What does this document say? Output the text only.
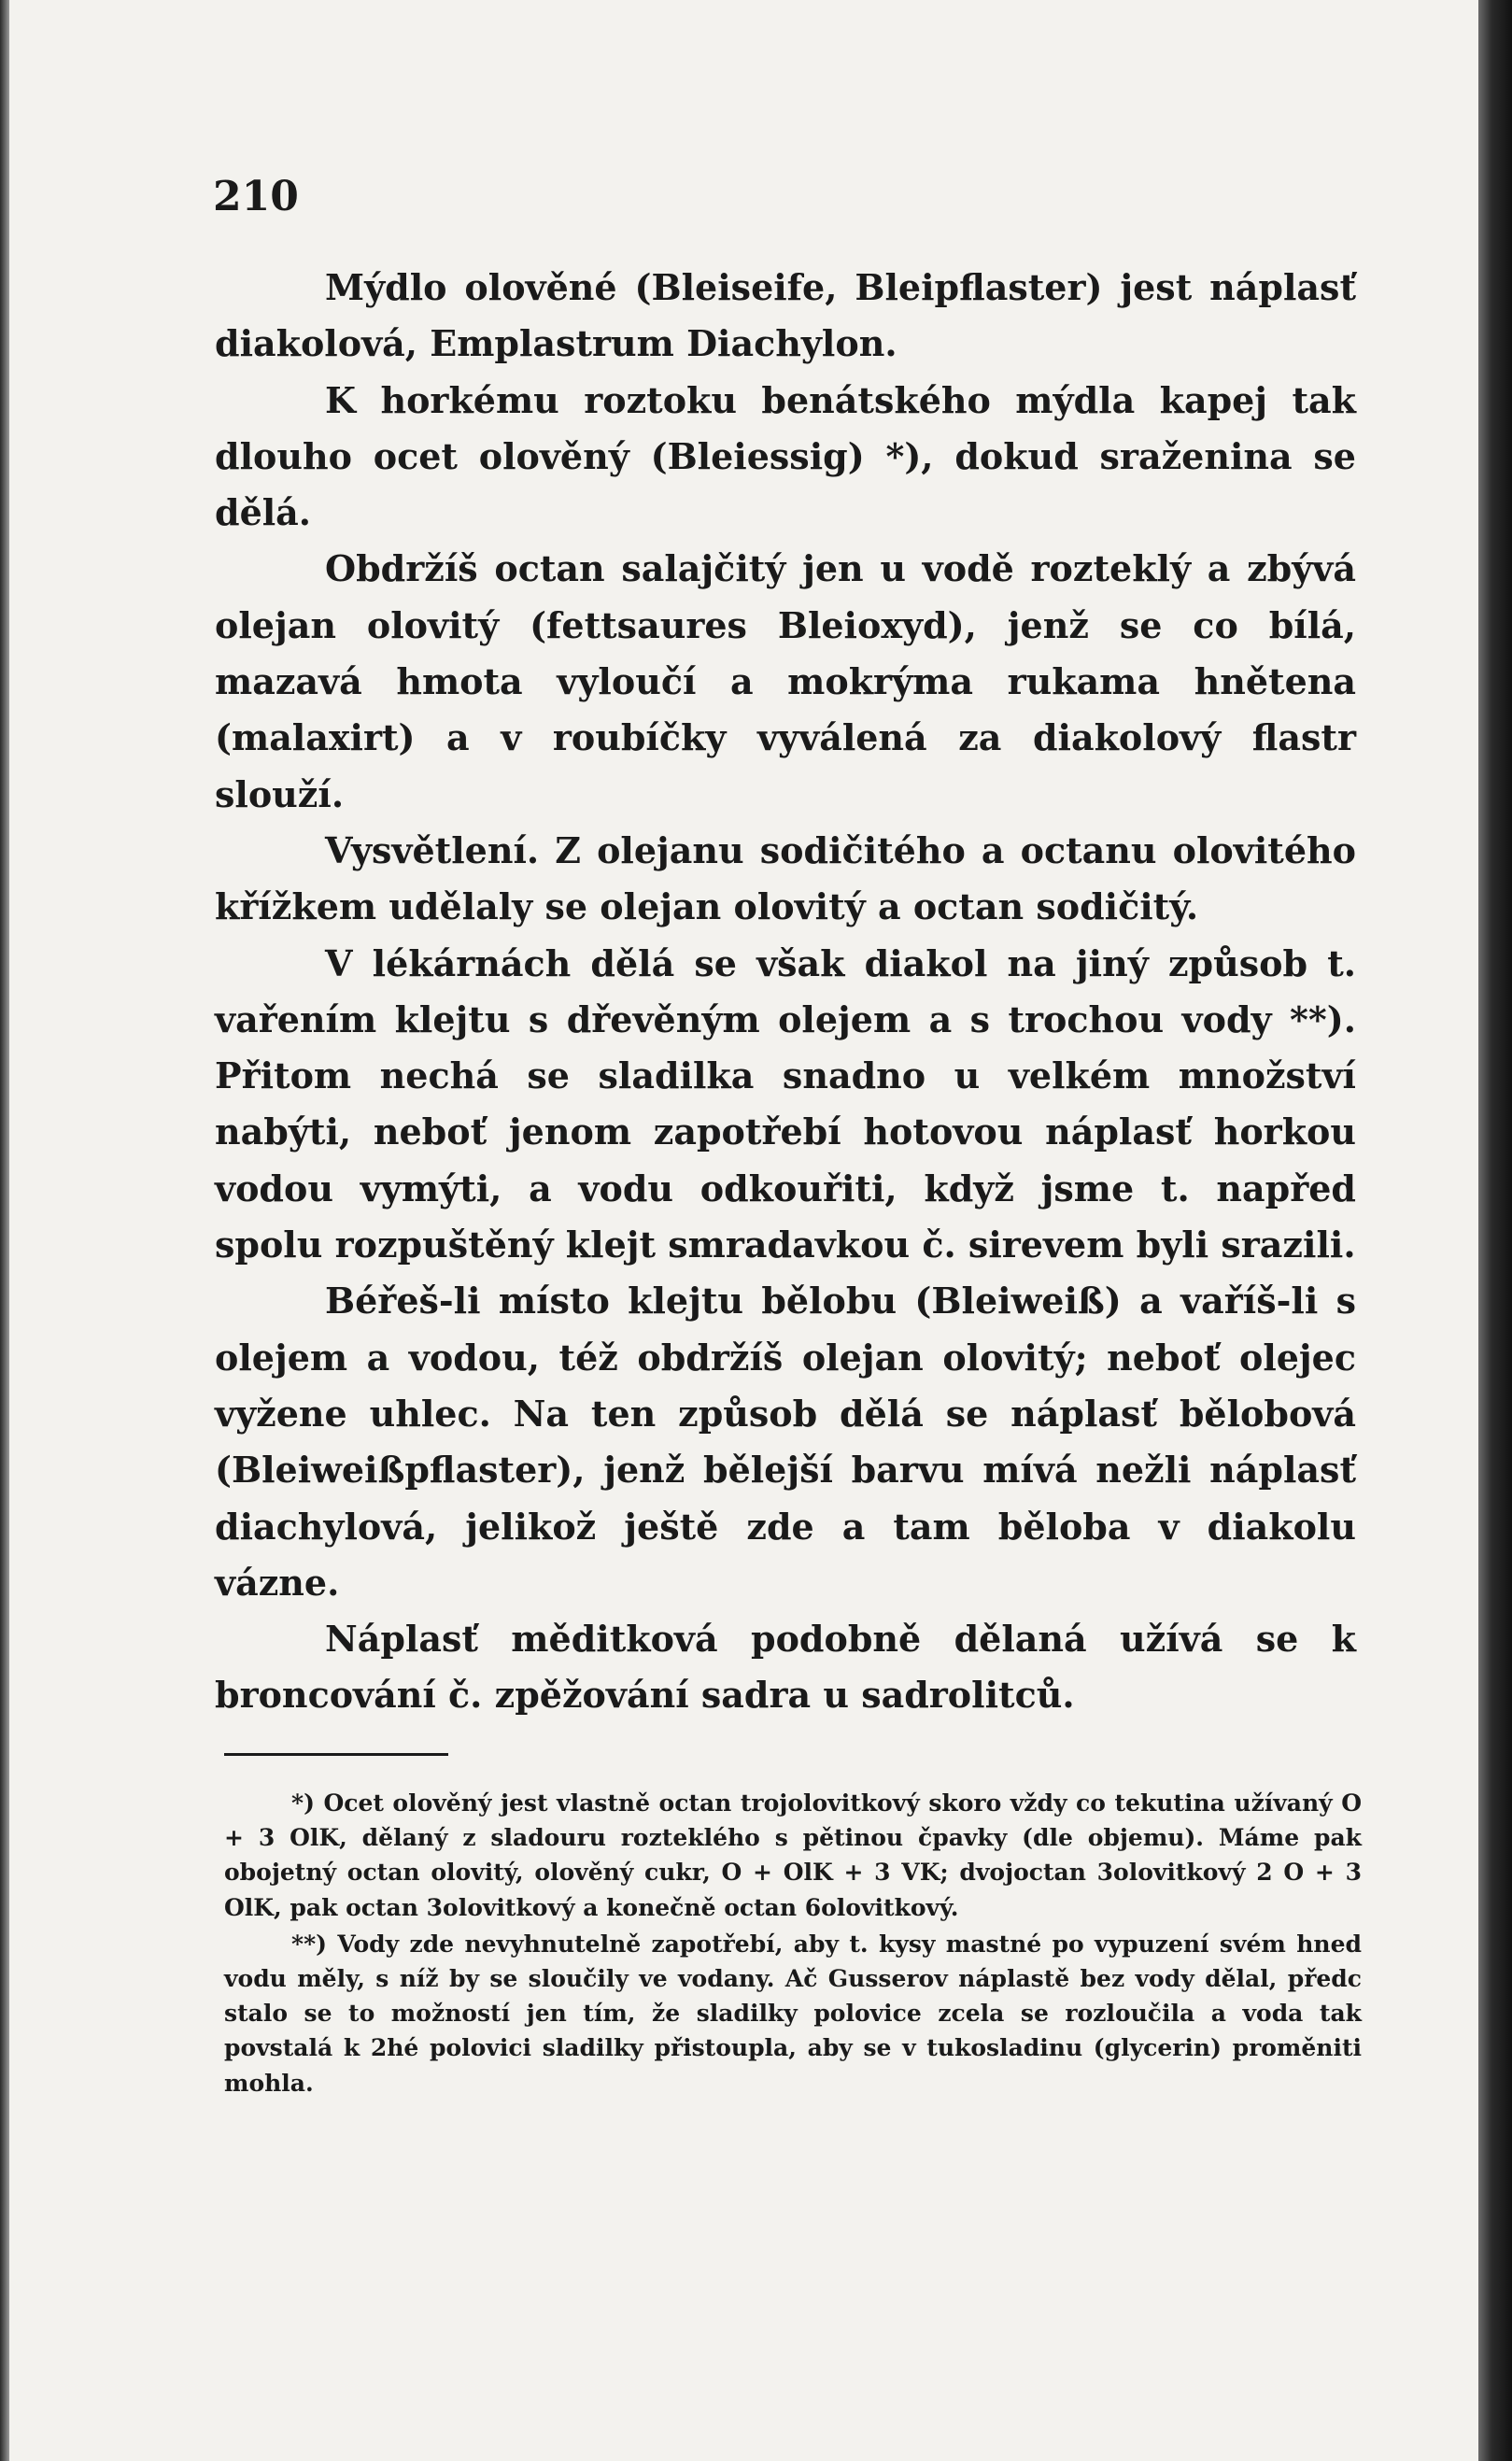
210

Mýdlo olověné (Bleiseife, Bleipflaster) jest náplasť diakolová, Emplastrum Diachylon.

K horkému roztoku benátského mýdla kapej tak dlouho ocet olověný (Bleiessig) *), dokud sraženina se dělá.

Obdržíš octan salajčitý jen u vodě rozteklý a zbývá olejan olovitý (fettsaures Bleioxyd), jenž se co bílá, mazavá hmota vyloučí a mokrýma rukama hnětena (malaxirt) a v roubíčky vyválená za diakolový flastr slouží.

Vysvětlení. Z olejanu sodičitého a octanu olovitého křížkem udělaly se olejan olovitý a octan sodičitý.

V lékárnách dělá se však diakol na jiný způsob t. vařením klejtu s dřevěným olejem a s trochou vody **). Přitom nechá se sladilka snadno u velkém množství nabýti, neboť jenom zapotřebí hotovou náplasť horkou vodou vymýti, a vodu odkouřiti, když jsme t. napřed spolu rozpuštěný klejt smradavkou č. sirevem byli srazili.

Béřeš-li místo klejtu bělobu (Bleiweiß) a vaříš-li s olejem a vodou, též obdržíš olejan olovitý; neboť olejec vyžene uhlec. Na ten způsob dělá se náplasť bělobová (Bleiweißpflaster), jenž bělejší barvu mívá nežli náplasť diachylová, jelikož ještě zde a tam běloba v diakolu vázne.

Náplasť měditková podobně dělaná užívá se k broncování č. zpěžování sadra u sadrolitců.

*) Ocet olověný jest vlastně octan trojolovitkový skoro vždy co tekutina užívaný O + 3 OlK, dělaný z sladouru rozteklého s pětinou čpavky (dle objemu). Máme pak obojetný octan olovitý, olověný cukr, O + OlK + 3 VK; dvojoctan 3olovitkový 2 O + 3 OlK, pak octan 3olovitkový a konečně octan 6olovitkový.

**) Vody zde nevyhnutelně zapotřebí, aby t. kysy mastné po vypuzení svém hned vodu měly, s níž by se sloučily ve vodany. Ač Gusserov náplastě bez vody dělal, předc stalo se to možností jen tím, že sladilky polovice zcela se rozloučila a voda tak povstalá k 2hé polovici sladilky přistoupla, aby se v tukosladinu (glycerin) proměniti mohla.
